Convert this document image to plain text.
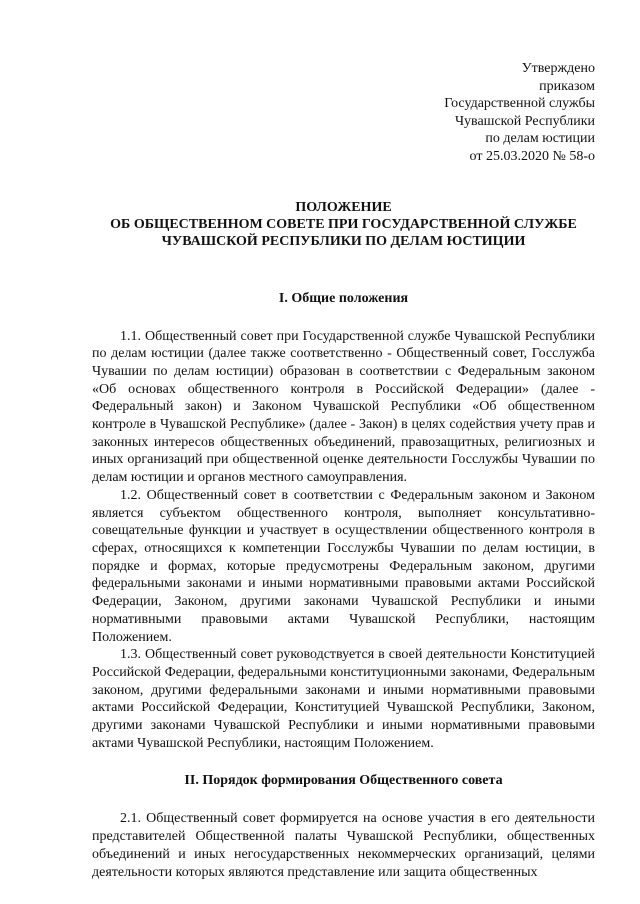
Утверждено
приказом
Государственной службы
Чувашской Республики
по делам юстиции
от 25.03.2020 № 58-о
ПОЛОЖЕНИЕ
ОБ ОБЩЕСТВЕННОМ СОВЕТЕ ПРИ ГОСУДАРСТВЕННОЙ СЛУЖБЕ
ЧУВАШСКОЙ РЕСПУБЛИКИ ПО ДЕЛАМ ЮСТИЦИИ
I. Общие положения

1.1. Общественный совет при Государственной службе Чувашской Республики по делам юстиции (далее также соответственно - Общественный совет, Госслужба Чувашии по делам юстиции) образован в соответствии с Федеральным законом «Об основах общественного контроля в Российской Федерации» (далее - Федеральный закон) и Законом Чувашской Республики «Об общественном контроле в Чувашской Республике» (далее - Закон) в целях содействия учету прав и законных интересов общественных объединений, правозащитных, религиозных и иных организаций при общественной оценке деятельности Госслужбы Чувашии по делам юстиции и органов местного самоуправления.

1.2. Общественный совет в соответствии с Федеральным законом и Законом является субъектом общественного контроля, выполняет консультативно-совещательные функции и участвует в осуществлении общественного контроля в сферах, относящихся к компетенции Госслужбы Чувашии по делам юстиции, в порядке и формах, которые предусмотрены Федеральным законом, другими федеральными законами и иными нормативными правовыми актами Российской Федерации, Законом, другими законами Чувашской Республики и иными нормативными правовыми актами Чувашской Республики, настоящим Положением.

1.3. Общественный совет руководствуется в своей деятельности Конституцией Российской Федерации, федеральными конституционными законами, Федеральным законом, другими федеральными законами и иными нормативными правовыми актами Российской Федерации, Конституцией Чувашской Республики, Законом, другими законами Чувашской Республики и иными нормативными правовыми актами Чувашской Республики, настоящим Положением.

II. Порядок формирования Общественного совета

2.1. Общественный совет формируется на основе участия в его деятельности представителей Общественной палаты Чувашской Республики, общественных объединений и иных негосударственных некоммерческих организаций, целями деятельности которых являются представление или защита общественных
